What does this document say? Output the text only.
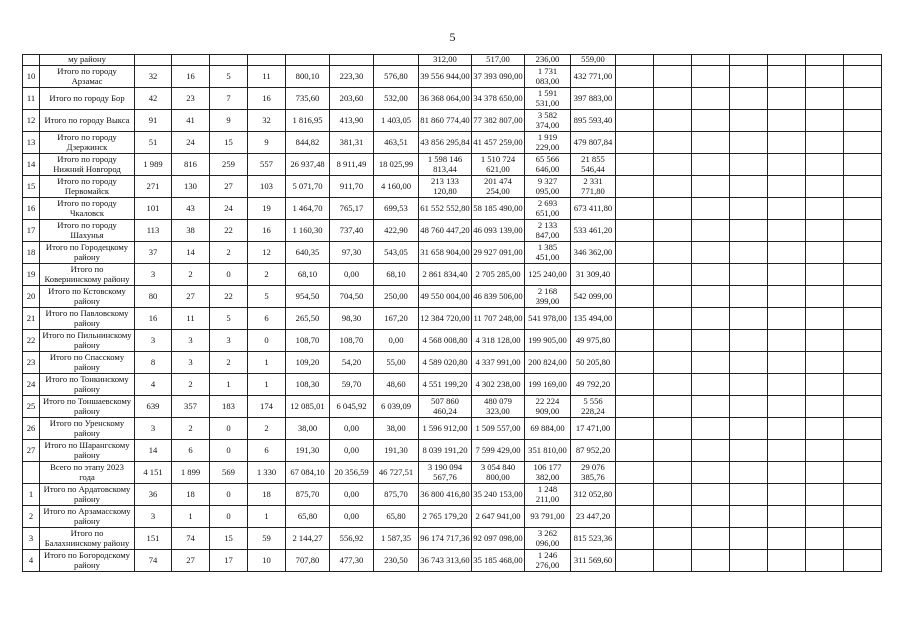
5
	му району								312,00	517,00	236,00	559,00							
10	Итого по городу Арзамас	32	16	5	11	800,10	223,30	576,80	39 556 944,00	37 393 090,00	1 731 083,00	432 771,00							
11	Итого по городу Бор	42	23	7	16	735,60	203,60	532,00	36 368 064,00	34 378 650,00	1 591 531,00	397 883,00							
12	Итого по городу Выкса	91	41	9	32	1 816,95	413,90	1 403,05	81 860 774,40	77 382 807,00	3 582 374,00	895 593,40							
13	Итого по городу Дзержинск	51	24	15	9	844,82	381,31	463,51	43 856 295,84	41 457 259,00	1 919 229,00	479 807,84							
14	Итого по городу Нижний Новгород	1 989	816	259	557	26 937,48	8 911,49	18 025,99	1 598 146 813,44	1 510 724 621,00	65 566 646,00	21 855 546,44							
15	Итого по городу Первомайск	271	130	27	103	5 071,70	911,70	4 160,00	213 133 120,80	201 474 254,00	9 327 095,00	2 331 771,80							
16	Итого по городу Чкаловск	101	43	24	19	1 464,70	765,17	699,53	61 552 552,80	58 185 490,00	2 693 651,00	673 411,80							
17	Итого по городу Шахунья	113	38	22	16	1 160,30	737,40	422,90	48 760 447,20	46 093 139,00	2 133 847,00	533 461,20							
18	Итого по Городецкому району	37	14	2	12	640,35	97,30	543,05	31 658 904,00	29 927 091,00	1 385 451,00	346 362,00							
19	Итого по Ковернинскому району	3	2	0	2	68,10	0,00	68,10	2 861 834,40	2 705 285,00	125 240,00	31 309,40							
20	Итого по Кстовскому району	80	27	22	5	954,50	704,50	250,00	49 550 004,00	46 839 506,00	2 168 399,00	542 099,00							
21	Итого по Павловскому району	16	11	5	6	265,50	98,30	167,20	12 384 720,00	11 707 248,00	541 978,00	135 494,00							
22	Итого по Пильнинскому району	3	3	3	0	108,70	108,70	0,00	4 568 008,80	4 318 128,00	199 905,00	49 975,80							
23	Итого по Спасскому району	8	3	2	1	109,20	54,20	55,00	4 589 020,80	4 337 991,00	200 824,00	50 205,80							
24	Итого по Тонкинскому району	4	2	1	1	108,30	59,70	48,60	4 551 199,20	4 302 238,00	199 169,00	49 792,20							
25	Итого по Тоншаевскому району	639	357	183	174	12 085,01	6 045,92	6 039,09	507 860 460,24	480 079 323,00	22 224 909,00	5 556 228,24							
26	Итого по Уренскому району	3	2	0	2	38,00	0,00	38,00	1 596 912,00	1 509 557,00	69 884,00	17 471,00							
27	Итого по Шарангскому району	14	6	0	6	191,30	0,00	191,30	8 039 191,20	7 599 429,00	351 810,00	87 952,20							
	Всего по этапу 2023 года	4 151	1 899	569	1 330	67 084,10	20 356,59	46 727,51	3 190 094 567,76	3 054 840 800,00	106 177 382,00	29 076 385,76							
1	Итого по Ардатовскому району	36	18	0	18	875,70	0,00	875,70	36 800 416,80	35 240 153,00	1 248 211,00	312 052,80							
2	Итого по Арзамасскому району	3	1	0	1	65,80	0,00	65,80	2 765 179,20	2 647 941,00	93 791,00	23 447,20							
3	Итого по Балахнинскому району	151	74	15	59	2 144,27	556,92	1 587,35	96 174 717,36	92 097 098,00	3 262 096,00	815 523,36							
4	Итого по Богородскому району	74	27	17	10	707,80	477,30	230,50	36 743 313,60	35 185 468,00	1 246 276,00	311 569,60							
